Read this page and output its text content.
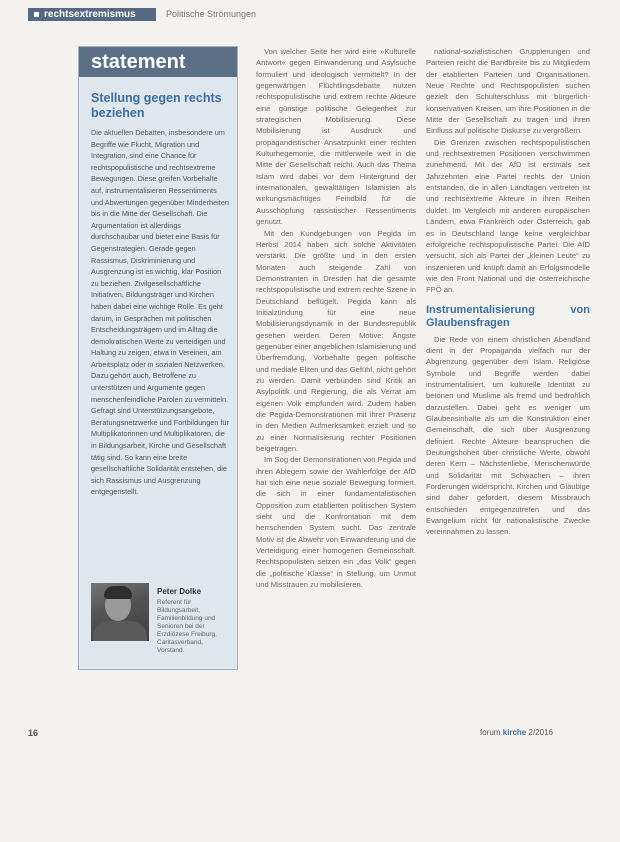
rechtsextremismus	Politische Strömungen
statement
Stellung gegen rechts beziehen
Die aktuellen Debatten, insbesondere um Begriffe wie Flucht, Migration und Integration, sind eine Chance für rechtspopulistische und rechtsextreme Bewegungen. Diese greifen Vorbehalte auf, instrumentalisieren Ressentiments und Abwertungen gegenüber Minderheiten bis in die Mitte der Gesellschaft. Die Argumentation ist allerdings durchschaubar und bietet eine Basis für Gegenstrategien. Gerade gegen Rassismus, Diskriminierung und Ausgrenzung ist es wichtig, klar Position zu beziehen. Zivilgesellschaftliche Initiativen, Bildungsträger und Kirchen haben dabei eine wichtige Rolle. Es geht darum, in Gesprächen mit politischen Entscheidungsträgern und im Alltag die demokratischen Werte zu verteidigen und Haltung zu zeigen, etwa in Vereinen, am Arbeitsplatz oder in sozialen Netzwerken. Dazu gehört auch, Betroffene zu unterstützen und Argumente gegen menschenfeindliche Parolen zu vermitteln. Gefragt sind Unterstützungsangebote, Beratungsnetzwerke und Fortbildungen für Multiplikatorinnen und Multiplikatoren, die in Bildungsarbeit, Kirche und Gesellschaft tätig sind. So kann eine breite gesellschaftliche Solidarität entstehen, die sich Rassismus und Ausgrenzung entgegenstellt.
Peter Dolke
Referent für Bildungsarbeit, Familienbildung und Senioren bei der Erzdiözese Freiburg, Caritasverband, Vorstand.

Von welcher Seite her wird eine »Kulturelle Antwort« gegen Einwanderung und Asylsuche formuliert und ideologisch vermittelt? In der gegenwärtigen Flüchtlingsdebatte nutzen rechtspopulistische und extrem rechte Akteure eine günstige politische Gelegenheit zur strategischen Mobilisierung. Diese Mobilisierung ist Ausdruck und propagandistischer Ansatzpunkt einer rechten Kulturhegemonie, die mittlerweile weit in die Mitte der Gesellschaft reicht. Auch das Thema Islam wird dabei vor dem Hintergrund der internationalen, gewalttätigen Islamisten als wirkungsmächtiges Feindbild für die Ausschöpfung rassistischer Ressentiments genutzt.

Mit den Kundgebungen von Pegida im Herbst 2014 haben sich solche Aktivitäten verstärkt. Die größte und in den ersten Monaten auch steigende Zahl von Demonstranten in Dresden hat die gesamte rechtspopulistische und extrem rechte Szene in Deutschland beflügelt. Pegida kann als Initialzündung für eine neue Mobilisierungsdynamik in der Bundesrepublik gesehen werden. Deren Motive: Ängste gegenüber einer angeblichen Islamisierung und Überfremdung, Vorbehalte gegen politische und mediale Eliten und das Gefühl, nicht gehört zu werden. Damit verbunden sind Kritik an Asylpolitik und Regierung, die als Verrat am eigenen Volk empfunden wird. Zudem haben die Pegida-Demonstrationen mit ihrer Präsenz in den Medien Aufmerksamkeit erzielt und so zu einer Normalisierung rechter Positionen beigetragen.

Im Sog der Demonstrationen von Pegida und ihren Ablegern sowie der Wahlerfolge der AfD hat sich eine neue soziale Bewegung formiert, die sich in einer fundamentalistischen Opposition zum etablierten politischen System sieht und die Konfrontation mit dem herrschenden System sucht. Das zentrale Motiv ist die Abwehr von Einwanderung und die Verteidigung einer homogenen Gemeinschaft. Rechtspopulisten setzen ein „das Volk“ gegen die „politische Klasse“ in Stellung, um Unmut und Misstrauen zu mobilisieren.

national-sozialistischen Gruppierungen und Parteien reicht die Bandbreite bis zu Mitgliedern der etablierten Parteien und Organisationen. Neue Rechte und Rechtspopulisten suchen gezielt den Schulterschluss mit bürgerlich-konservativen Kreisen, um ihre Positionen in die Mitte der Gesellschaft zu tragen und ihren Einfluss auf politische Diskurse zu vergrößern.

Die Grenzen zwischen rechtspopulistischen und rechtsextremen Positionen verschwimmen zunehmend. Mit der AfD ist erstmals seit Jahrzehnten eine Partei rechts der Union entstanden, die in allen Landtagen vertreten ist und rechtsextreme Akteure in ihren Reihen duldet. Im Vergleich mit anderen europäischen Ländern, etwa Frankreich oder Österreich, gab es in Deutschland lange keine vergleichbar erfolgreiche rechtspopulistische Partei. Die AfD versucht, sich als Partei der „kleinen Leute“ zu inszenieren und knüpft damit an Erfolgsmodelle wie den Front National und die österreichische FPÖ an.

Instrumentalisierung von Glaubensfragen

Die Rede von einem christlichen Abendland dient in der Propaganda vielfach nur der Abgrenzung gegenüber dem Islam. Religiöse Symbole und Begriffe werden dabei instrumentalisiert, um kulturelle Identität zu betonen und Muslime als fremd und bedrohlich darzustellen. Dabei geht es weniger um Glaubensinhalte als um die Konstruktion einer Gemeinschaft, die sich über Ausgrenzung definiert. Rechte Akteure beanspruchen die Deutungshoheit über christliche Werte, obwohl deren Kern – Nächstenliebe, Menschenwürde und Solidarität mit Schwachen – ihren Forderungen widerspricht. Kirchen und Gläubige sind daher gefordert, diesem Missbrauch entschieden entgegenzutreten und das Evangelium nicht für nationalistische Zwecke vereinnahmen zu lassen.

16	forum kirche 2/2016
